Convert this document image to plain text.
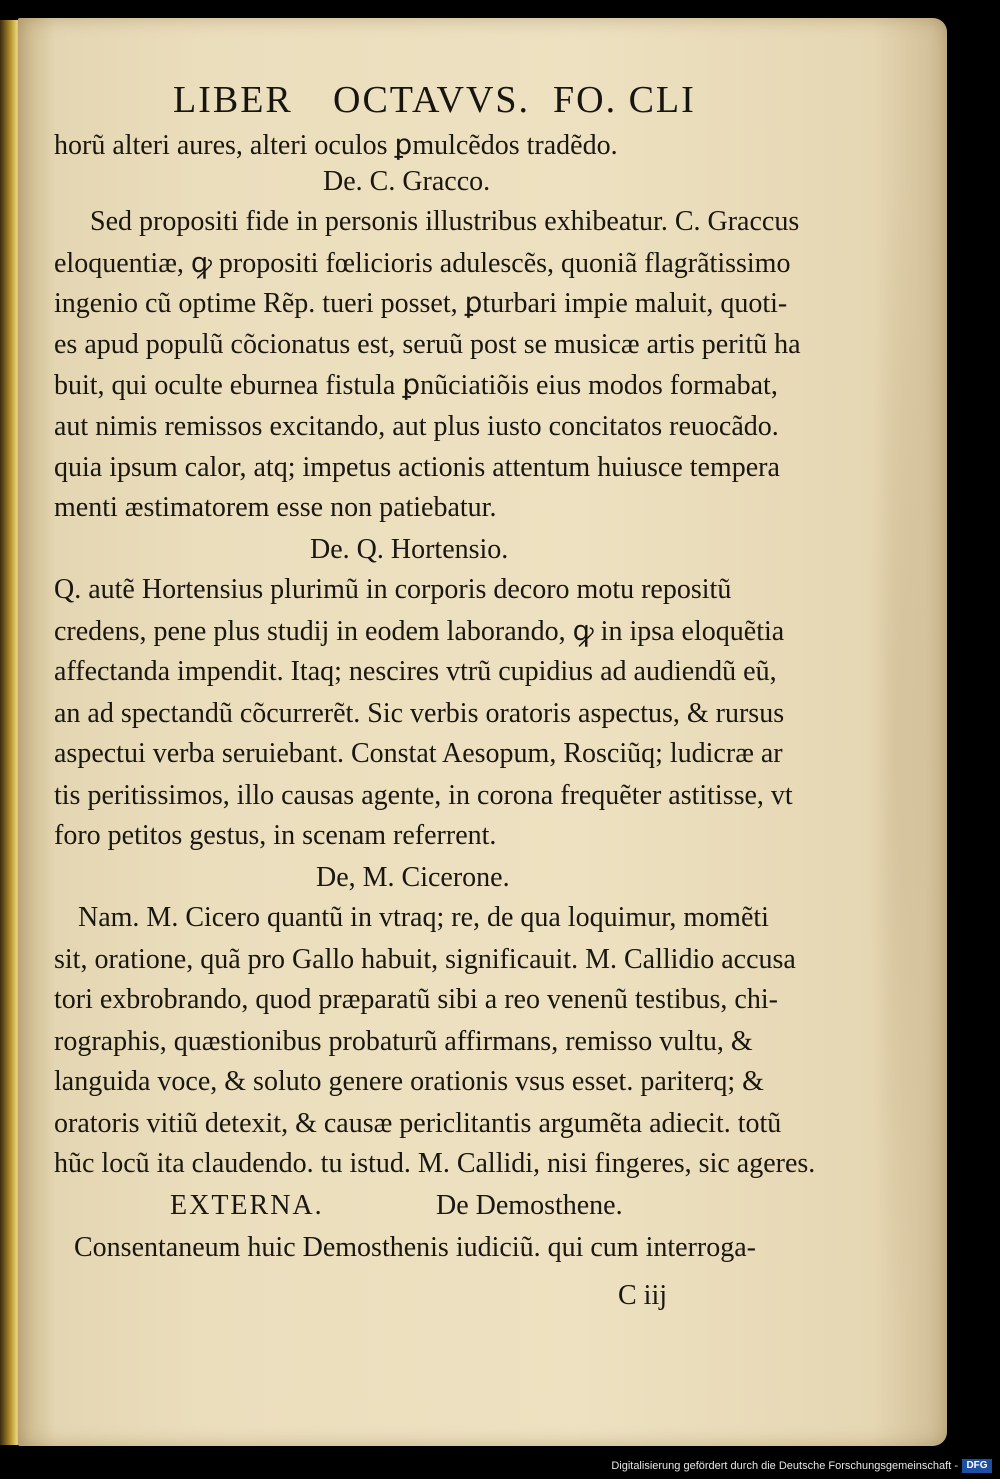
LIBER OCTAVVS. FO. CLI
horũ alteri aures, alteri oculos ꝑmulcẽdos tradẽdo.
De. C. Gracco.
Sed propositi fide in personis illustribus exhibeatur. C. Graccus
eloquentiæ, ꝙ propositi fœlicioris adulescẽs, quoniã flagrãtissimo
ingenio cũ optime Rẽp. tueri posset, ꝑturbari impie maluit, quoti-
es apud populũ cõcionatus est, seruũ post se musicæ artis peritũ ha
buit, qui oculte eburnea fistula ꝑnũciatiõis eius modos formabat,
aut nimis remissos excitando, aut plus iusto concitatos reuocãdo.
quia ipsum calor, atq; impetus actionis attentum huiusce tempera
menti æstimatorem esse non patiebatur.
De. Q. Hortensio.
Q. autẽ Hortensius plurimũ in corporis decoro motu repositũ
credens, pene plus studij in eodem laborando, ꝙ in ipsa eloquẽtia
affectanda impendit. Itaq; nescires vtrũ cupidius ad audiendũ eũ,
an ad spectandũ cõcurrerẽt. Sic verbis oratoris aspectus, & rursus
aspectui verba seruiebant. Constat Aesopum, Rosciũq; ludicræ ar
tis peritissimos, illo causas agente, in corona frequẽter astitisse, vt
foro petitos gestus, in scenam referrent.
De, M. Cicerone.
Nam. M. Cicero quantũ in vtraq; re, de qua loquimur, momẽti
sit, oratione, quã pro Gallo habuit, significauit. M. Callidio accusa
tori exbrobrando, quod præparatũ sibi a reo venenũ testibus, chi-
rographis, quæstionibus probaturũ affirmans, remisso vultu, &
languida voce, & soluto genere orationis vsus esset. pariterq; &
oratoris vitiũ detexit, & causæ periclitantis argumẽta adiecit. totũ
hũc locũ ita claudendo. tu istud. M. Callidi, nisi fingeres, sic ageres.
EXTERNA.	De Demosthene.
Consentaneum huic Demosthenis iudiciũ. qui cum interroga-
C iij
Digitalisierung gefördert durch die Deutsche Forschungsgemeinschaft - DFG
